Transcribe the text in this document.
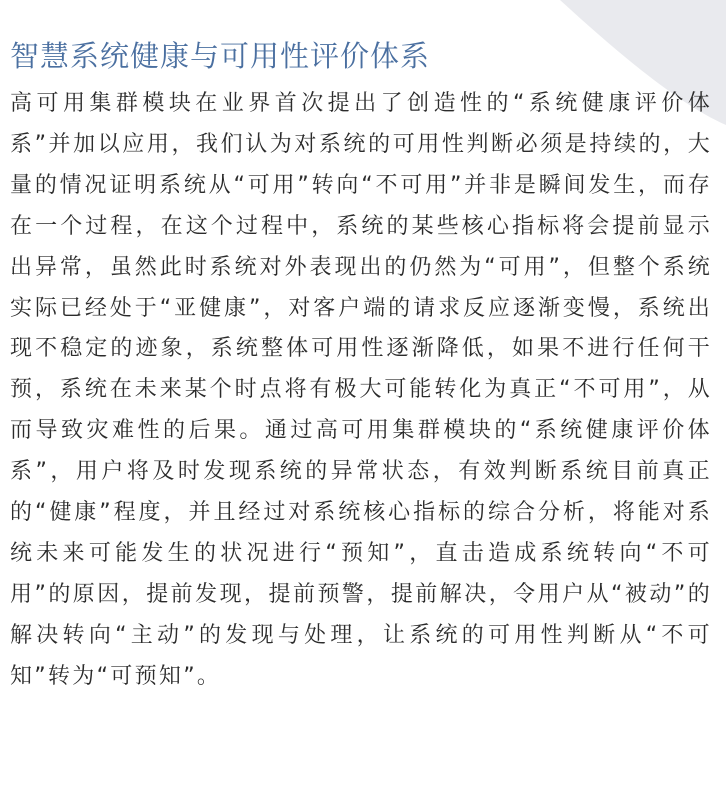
智慧系统健康与可用性评价体系

高可用集群模块在业界首次提出了创造性的“系统健康评价体系”并加以应用，我们认为对系统的可用性判断必须是持续的，大量的情况证明系统从“可用”转向“不可用”并非是瞬间发生，而存在一个过程，在这个过程中，系统的某些核心指标将会提前显示出异常，虽然此时系统对外表现出的仍然为“可用”，但整个系统实际已经处于“亚健康”，对客户端的请求反应逐渐变慢，系统出现不稳定的迹象，系统整体可用性逐渐降低，如果不进行任何干预，系统在未来某个时点将有极大可能转化为真正“不可用”，从而导致灾难性的后果。通过高可用集群模块的“系统健康评价体系”，用户将及时发现系统的异常状态，有效判断系统目前真正的“健康”程度，并且经过对系统核心指标的综合分析，将能对系统未来可能发生的状况进行“预知”，直击造成系统转向“不可用”的原因，提前发现，提前预警，提前解决，令用户从“被动”的解决转向“主动”的发现与处理，让系统的可用性判断从“不可知”转为“可预知”。
